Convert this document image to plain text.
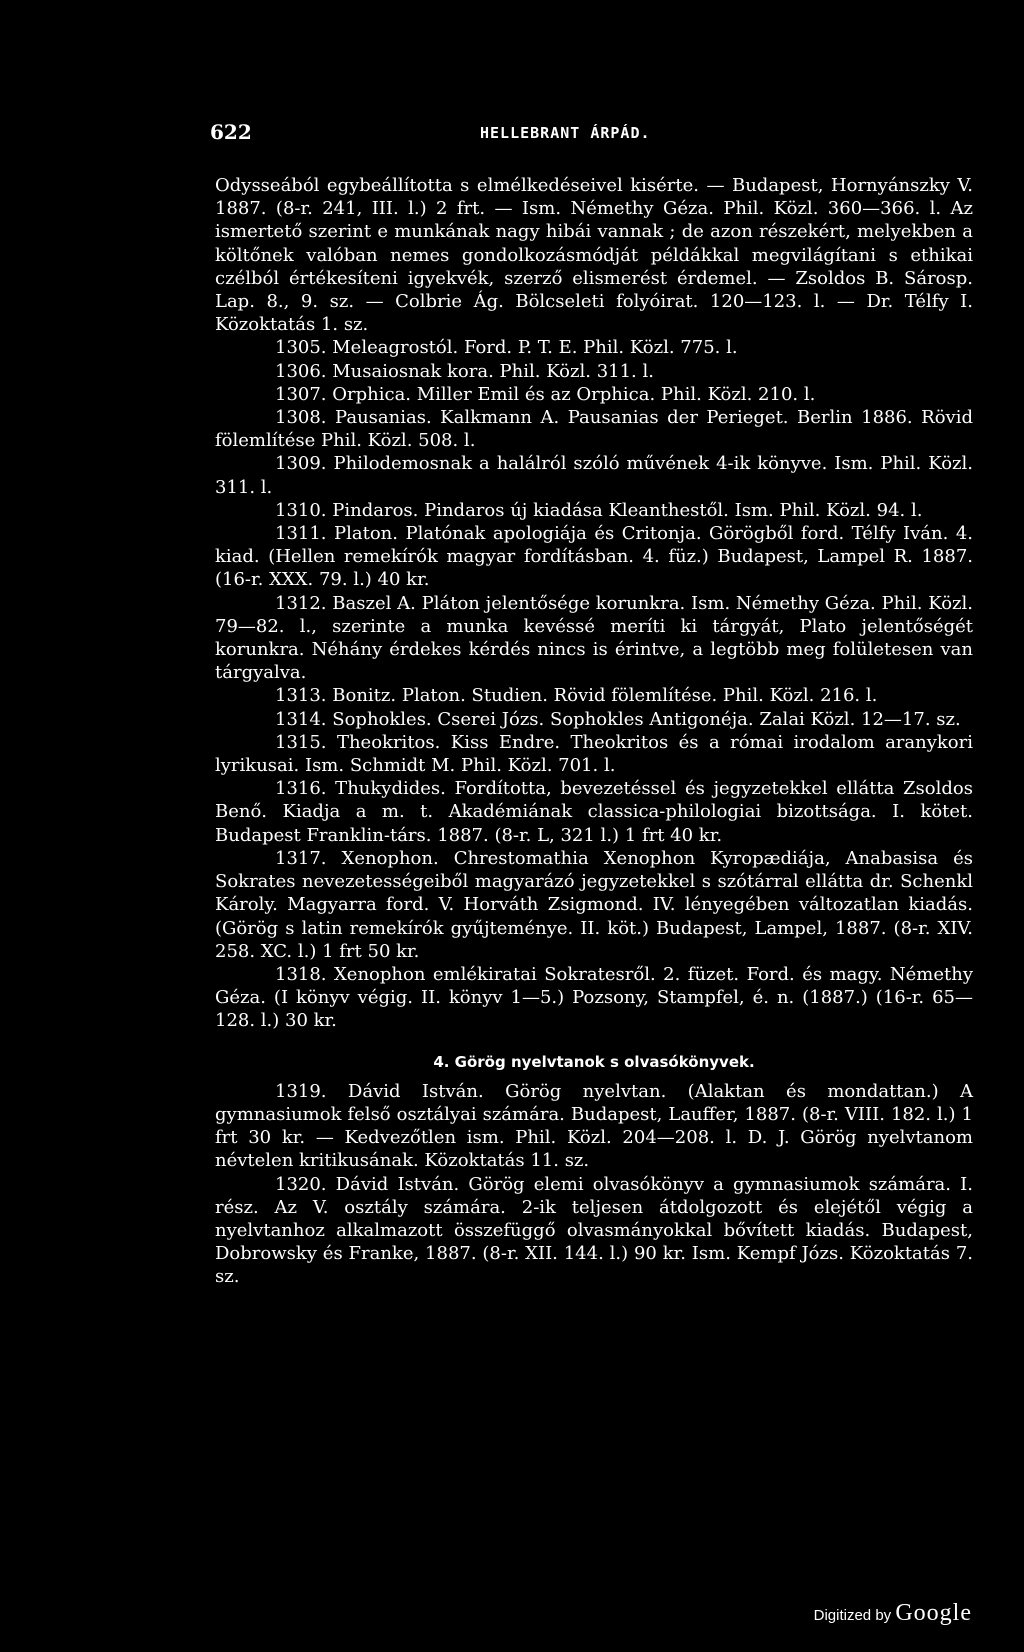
622	HELLEBRANT ÁRPÁD.

Odysseából egybeállította s elmélkedéseivel kisérte. — Budapest, Hornyánszky V. 1887. (8-r. 241, III. l.) 2 frt. — Ism. Némethy Géza. Phil. Közl. 360—366. l. Az ismertető szerint e munkának nagy hibái vannak ; de azon részekért, melyekben a költőnek valóban nemes gondolkozásmódját példákkal megvilágítani s ethikai czélból értékesíteni igyekvék, szerző elismerést érdemel. — Zsoldos B. Sárosp. Lap. 8., 9. sz. — Colbrie Ág. Bölcseleti folyóirat. 120—123. l. — Dr. Télfy I. Közoktatás 1. sz.

1305. Meleagrostól. Ford. P. T. E. Phil. Közl. 775. l.

1306. Musaiosnak kora. Phil. Közl. 311. l.

1307. Orphica. Miller Emil és az Orphica. Phil. Közl. 210. l.

1308. Pausanias. Kalkmann A. Pausanias der Periegеt. Berlin 1886. Rövid fölemlítése Phil. Közl. 508. l.

1309. Philodemosnak a halálról szóló művének 4-ik könyve. Ism. Phil. Közl. 311. l.

1310. Pindaros. Pindaros új kiadása Kleanthestől. Ism. Phil. Közl. 94. l.

1311. Platon. Platónak apologiája és Critonja. Görögből ford. Télfy Iván. 4. kiad. (Hellen remekírók magyar fordításban. 4. füz.) Budapest, Lampel R. 1887. (16-r. XXX. 79. l.) 40 kr.

1312. Baszel A. Pláton jelentősége korunkra. Ism. Némethy Géza. Phil. Közl. 79—82. l., szerinte a munka kevéssé meríti ki tárgyát, Plato jelentőségét korunkra. Néhány érdekes kérdés nincs is érintve, a legtöbb meg folületesen van tárgyalva.

1313. Bonitz. Platon. Studien. Rövid fölemlítése. Phil. Közl. 216. l.

1314. Sophokles. Cserei Józs. Sophokles Antigonéja. Zalai Közl. 12—17. sz.

1315. Theokritos. Kiss Endre. Theokritos és a római irodalom aranykori lyrikusai. Ism. Schmidt M. Phil. Közl. 701. l.

1316. Thukydides. Fordította, bevezetéssel és jegyzetekkel ellátta Zsoldos Benő. Kiadja a m. t. Akadémiának classica-philologiai bizottsága. I. kötet. Budapest Franklin-társ. 1887. (8-r. L, 321 l.) 1 frt 40 kr.

1317. Xenophon. Chrestomathia Xenophon Kyropædiája, Anabasisa és Sokrates nevezetességeiből magyarázó jegyzetekkel s szótárral ellátta dr. Schenkl Károly. Magyarra ford. V. Horváth Zsigmond. IV. lényegében változatlan kiadás. (Görög s latin remekírók gyűjteménye. II. köt.) Budapest, Lampel, 1887. (8-r. XIV. 258. XC. l.) 1 frt 50 kr.

1318. Xenophon emlékiratai Sokratesről. 2. füzet. Ford. és magy. Némethy Géza. (I könyv végig. II. könyv 1—5.) Pozsony, Stampfel, é. n. (1887.) (16-r. 65—128. l.) 30 kr.

4. Görög nyelvtanok s olvasókönyvek.

1319. Dávid István. Görög nyelvtan. (Alaktan és mondattan.) A gymnasiumok felső osztályai számára. Budapest, Lauffer, 1887. (8-r. VIII. 182. l.) 1 frt 30 kr. — Kedvezőtlen ism. Phil. Közl. 204—208. l. D. J. Görög nyelvtanom névtelen kritikusának. Közoktatás 11. sz.

1320. Dávid István. Görög elemi olvasókönyv a gymnasiumok számára. I. rész. Az V. osztály számára. 2-ik teljesen átdolgozott és elejétől végig a nyelvtanhoz alkalmazott összefüggő olvasmányokkal bővített kiadás. Budapest, Dobrowsky és Franke, 1887. (8-r. XII. 144. l.) 90 kr. Ism. Kempf Józs. Közoktatás 7. sz.

Digitized by Google
